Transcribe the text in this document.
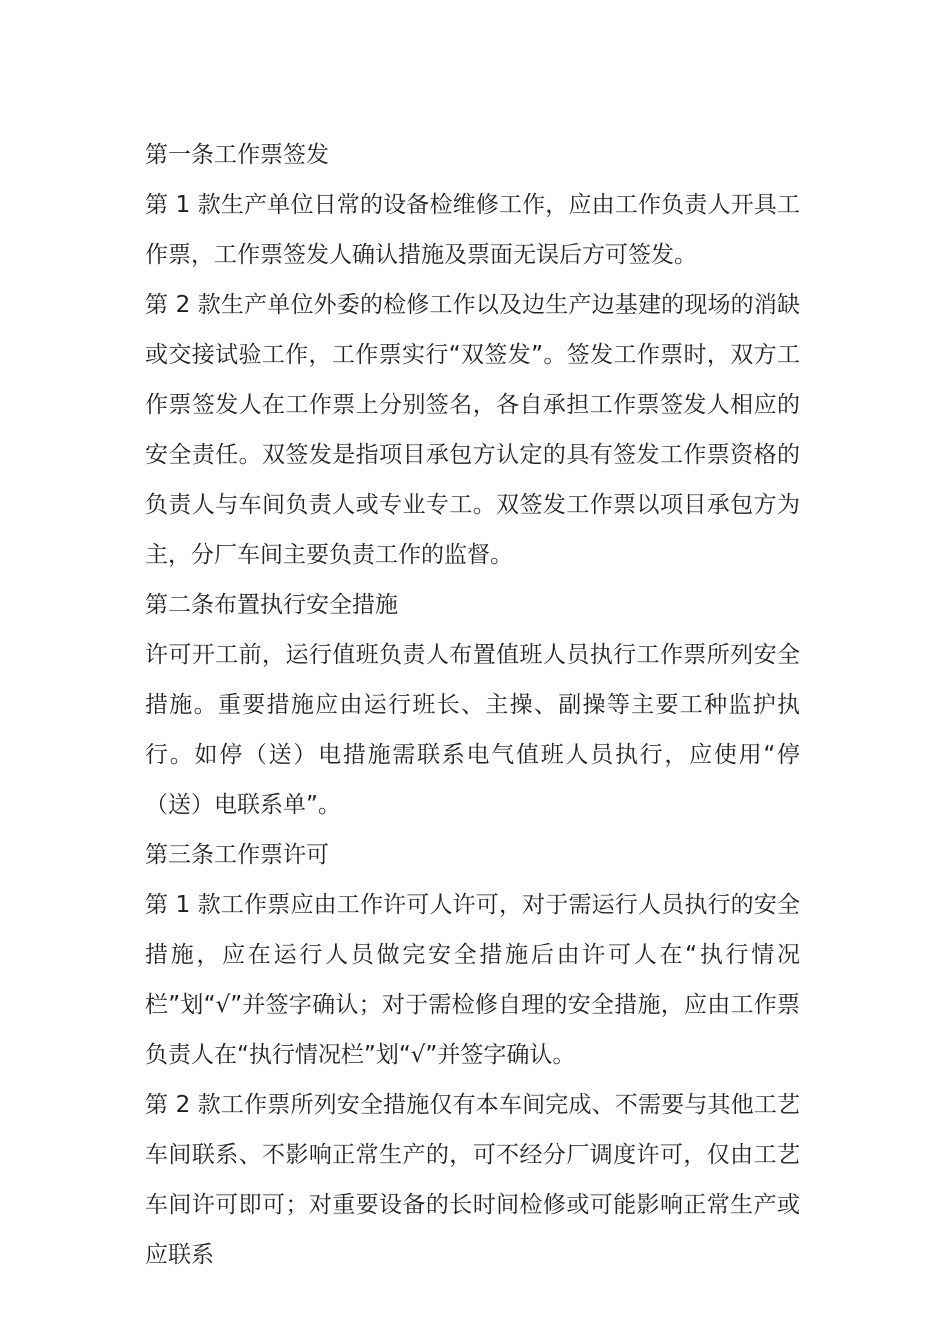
第一条工作票签发

第 1 款生产单位日常的设备检维修工作，应由工作负责人开具工作票，工作票签发人确认措施及票面无误后方可签发。

第 2 款生产单位外委的检修工作以及边生产边基建的现场的消缺或交接试验工作，工作票实行“双签发”。签发工作票时，双方工作票签发人在工作票上分别签名，各自承担工作票签发人相应的安全责任。双签发是指项目承包方认定的具有签发工作票资格的负责人与车间负责人或专业专工。双签发工作票以项目承包方为主，分厂车间主要负责工作的监督。

第二条布置执行安全措施

许可开工前，运行值班负责人布置值班人员执行工作票所列安全措施。重要措施应由运行班长、主操、副操等主要工种监护执行。如停（送）电措施需联系电气值班人员执行，应使用“停（送）电联系单”。

第三条工作票许可

第 1 款工作票应由工作许可人许可，对于需运行人员执行的安全措施，应在运行人员做完安全措施后由许可人在“执行情况栏”划“√”并签字确认；对于需检修自理的安全措施，应由工作票负责人在“执行情况栏”划“√”并签字确认。

第 2 款工作票所列安全措施仅有本车间完成、不需要与其他工艺车间联系、不影响正常生产的，可不经分厂调度许可，仅由工艺车间许可即可；对重要设备的长时间检修或可能影响正常生产或应联系
